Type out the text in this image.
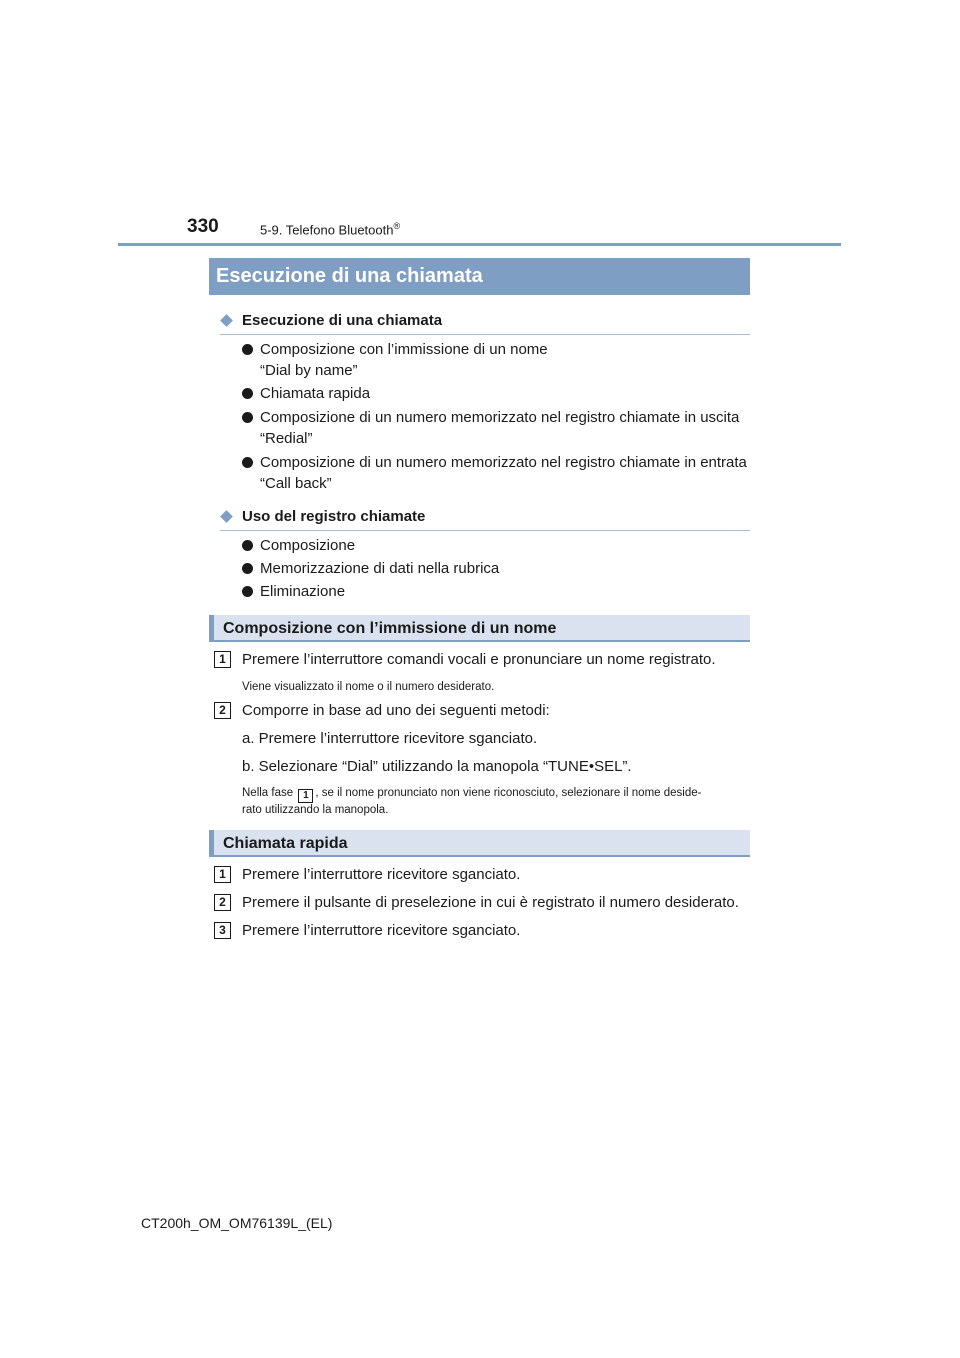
330	5-9. Telefono Bluetooth®
Esecuzione di una chiamata
Esecuzione di una chiamata
Composizione con l’immissione di un nome
“Dial by name”
Chiamata rapida
Composizione di un numero memorizzato nel registro chiamate in uscita
“Redial”
Composizione di un numero memorizzato nel registro chiamate in entrata
“Call back”
Uso del registro chiamate
Composizione
Memorizzazione di dati nella rubrica
Eliminazione
Composizione con l’immissione di un nome
1	Premere l’interruttore comandi vocali e pronunciare un nome registrato.
Viene visualizzato il nome o il numero desiderato.
2	Comporre in base ad uno dei seguenti metodi:
a. Premere l’interruttore ricevitore sganciato.
b. Selezionare “Dial” utilizzando la manopola “TUNE•SEL”.
Nella fase 1 , se il nome pronunciato non viene riconosciuto, selezionare il nome deside-
rato utilizzando la manopola.
Chiamata rapida
1	Premere l’interruttore ricevitore sganciato.
2	Premere il pulsante di preselezione in cui è registrato il numero desiderato.
3	Premere l’interruttore ricevitore sganciato.
CT200h_OM_OM76139L_(EL)
